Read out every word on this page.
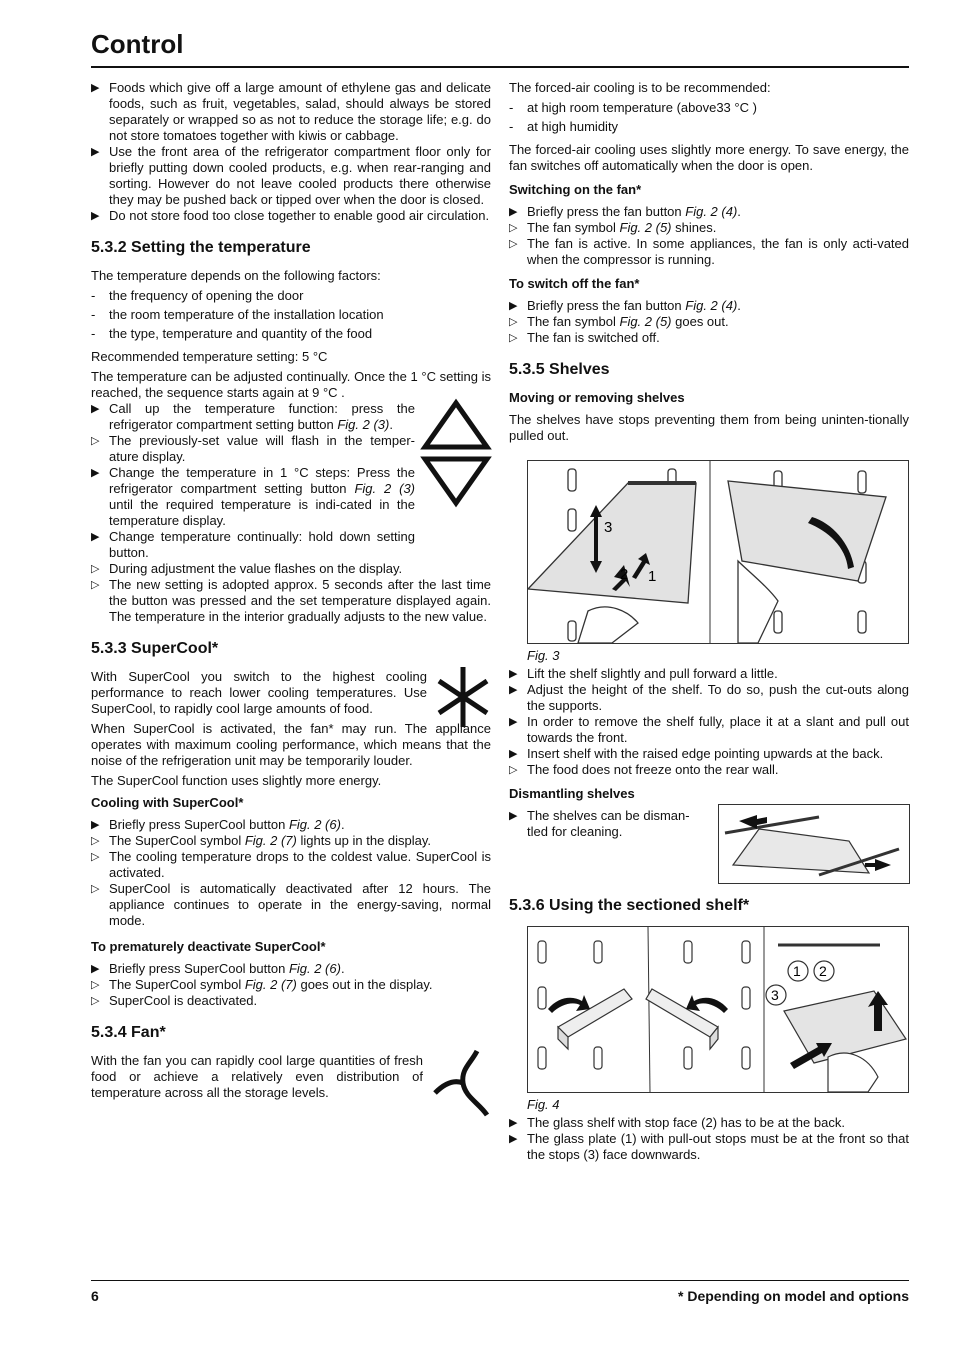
Control
▶ Foods which give off a large amount of ethylene gas and delicate foods, such as fruit, vegetables, salad, should always be stored separately or wrapped so as not to reduce the storage life; e.g. do not store tomatoes together with kiwis or cabbage.
▶ Use the front area of the refrigerator compartment floor only for briefly putting down cooled products, e.g. when rear-ranging and sorting. However do not leave cooled products there otherwise they may be pushed back or tipped over when the door is closed.
▶ Do not store food too close together to enable good air circulation.
5.3.2 Setting the temperature

The temperature depends on the following factors:

-	the frequency of opening the door
-	the room temperature of the installation location
-	the type, temperature and quantity of the food

Recommended temperature setting: 5 °C

The temperature can be adjusted continually. Once the 1 °C setting is reached, the sequence starts again at 9 °C .

▶ Call up the temperature function: press the refrigerator compartment setting button Fig. 2 (3).
▷ The previously-set value will flash in the temper-ature display.
▶ Change the temperature in 1 °C steps: Press the refrigerator compartment setting button Fig. 2 (3) until the required temperature is indi-cated in the temperature display.
▶ Change temperature continually: hold down setting button.
▷ During adjustment the value flashes on the display.
▷ The new setting is adopted approx. 5 seconds after the last time the button was pressed and the set temperature displayed again. The temperature in the interior gradually adjusts to the new value.
5.3.3 SuperCool*

With SuperCool you switch to the highest cooling performance to reach lower cooling temperatures. Use SuperCool, to rapidly cool large amounts of food.

When SuperCool is activated, the fan* may run. The appliance operates with maximum cooling performance, which means that the noise of the refrigeration unit may be temporarily louder.

The SuperCool function uses slightly more energy.

Cooling with SuperCool*
▶ Briefly press SuperCool button Fig. 2 (6).
▷ The SuperCool symbol Fig. 2 (7) lights up in the display.
▷ The cooling temperature drops to the coldest value. SuperCool is activated.
▷ SuperCool is automatically deactivated after 12 hours. The appliance continues to operate in the energy-saving, normal mode.
To prematurely deactivate SuperCool*
▶ Briefly press SuperCool button Fig. 2 (6).
▷ The SuperCool symbol Fig. 2 (7) goes out in the display.
▷ SuperCool is deactivated.
5.3.4 Fan*

With the fan you can rapidly cool large quantities of fresh food or achieve a relatively even distribution of temperature across all the storage levels.

The forced-air cooling is to be recommended:

-	at high room temperature (above33 °C )
-	at high humidity

The forced-air cooling uses slightly more energy. To save energy, the fan switches off automatically when the door is open.

Switching on the fan*
▶ Briefly press the fan button Fig. 2 (4).
▷ The fan symbol Fig. 2 (5) shines.
▷ The fan is active. In some appliances, the fan is only acti-vated when the compressor is running.
To switch off the fan*
▶ Briefly press the fan button Fig. 2 (4).
▷ The fan symbol Fig. 2 (5) goes out.
▷ The fan is switched off.
5.3.5 Shelves
Moving or removing shelves

The shelves have stops preventing them from being uninten-tionally pulled out.

3
2 1
Fig. 3
▶ Lift the shelf slightly and pull forward a little.
▶ Adjust the height of the shelf. To do so, push the cut-outs along the supports.
▶ In order to remove the shelf fully, place it at a slant and pull out towards the front.
▶ Insert shelf with the raised edge pointing upwards at the back.
▷ The food does not freeze onto the rear wall.
Dismantling shelves
▶ The shelves can be disman-tled for cleaning.
5.3.6 Using the sectioned shelf*
1 2
3
Fig. 4
▶ The glass shelf with stop face (2) has to be at the back.
▶ The glass plate (1) with pull-out stops must be at the front so that the stops (3) face downwards.
6	* Depending on model and options
